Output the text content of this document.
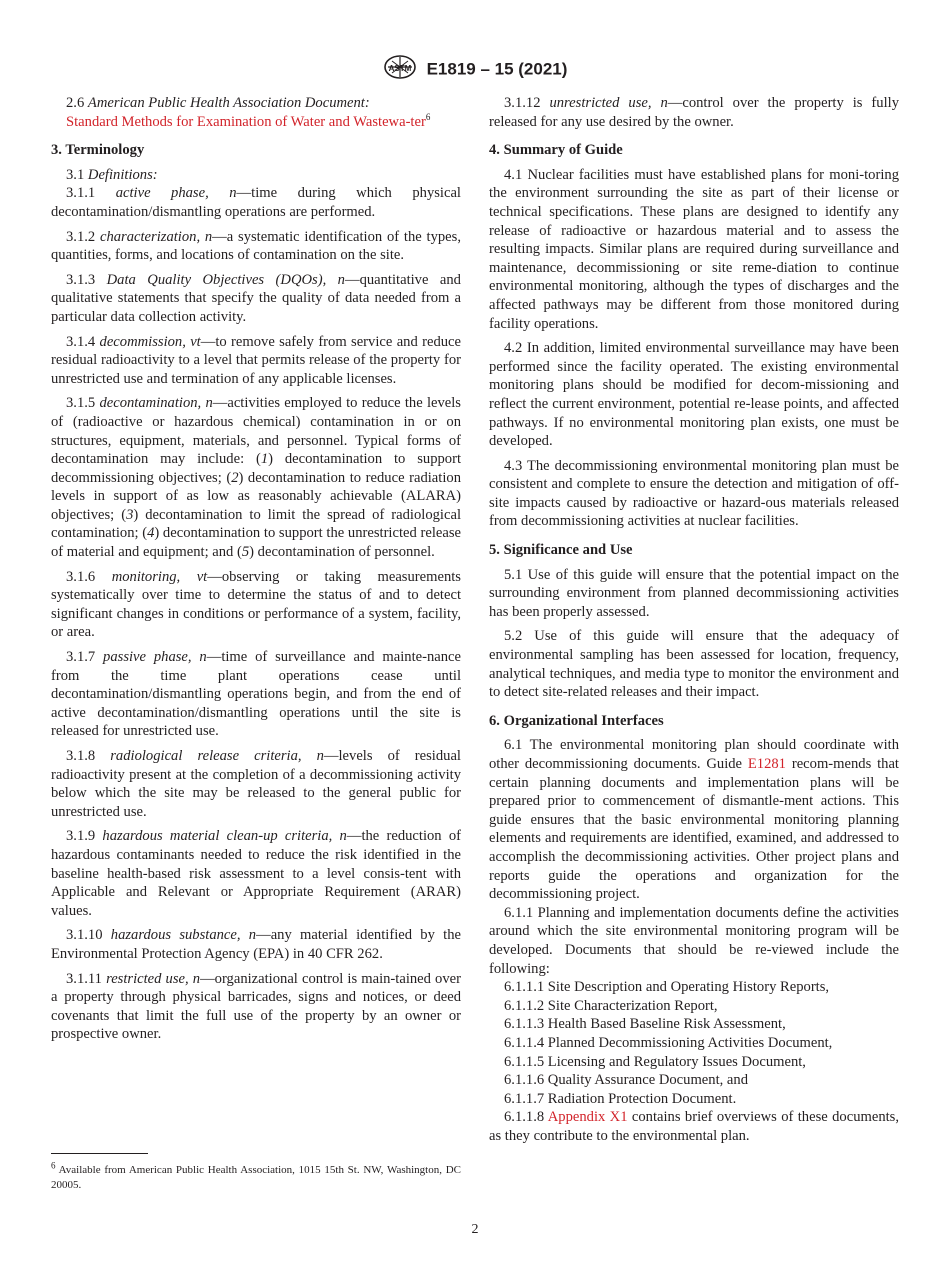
ASTM E1819 – 15 (2021)

2.6 American Public Health Association Document:

Standard Methods for Examination of Water and Wastewa-ter$^6$

3. Terminology

3.1 Definitions:

3.1.1 active phase, n—time during which physical decontamination/dismantling operations are performed.

3.1.2 characterization, n—a systematic identification of the types, quantities, forms, and locations of contamination on the site.

3.1.3 Data Quality Objectives (DQOs), n—quantitative and qualitative statements that specify the quality of data needed from a particular data collection activity.

3.1.4 decommission, vt—to remove safely from service and reduce residual radioactivity to a level that permits release of the property for unrestricted use and termination of any applicable licenses.

3.1.5 decontamination, n—activities employed to reduce the levels of (radioactive or hazardous chemical) contamination in or on structures, equipment, materials, and personnel. Typical forms of decontamination may include: (1) decontamination to support decommissioning objectives; (2) decontamination to reduce radiation levels in support of as low as reasonably achievable (ALARA) objectives; (3) decontamination to limit the spread of radiological contamination; (4) decontamination to support the unrestricted release of material and equipment; and (5) decontamination of personnel.

3.1.6 monitoring, vt—observing or taking measurements systematically over time to determine the status of and to detect significant changes in conditions or performance of a system, facility, or area.

3.1.7 passive phase, n—time of surveillance and mainte-nance from the time plant operations cease until decontamination/dismantling operations begin, and from the end of active decontamination/dismantling operations until the site is released for unrestricted use.

3.1.8 radiological release criteria, n—levels of residual radioactivity present at the completion of a decommissioning activity below which the site may be released to the general public for unrestricted use.

3.1.9 hazardous material clean-up criteria, n—the reduction of hazardous contaminants needed to reduce the risk identified in the baseline health-based risk assessment to a level consis-tent with Applicable and Relevant or Appropriate Requirement (ARAR) values.

3.1.10 hazardous substance, n—any material identified by the Environmental Protection Agency (EPA) in 40 CFR 262.

3.1.11 restricted use, n—organizational control is main-tained over a property through physical barricades, signs and notices, or deed covenants that limit the full use of the property by an owner or prospective owner.

3.1.12 unrestricted use, n—control over the property is fully released for any use desired by the owner.

4. Summary of Guide

4.1 Nuclear facilities must have established plans for moni-toring the environment surrounding the site as part of their license or technical specifications. These plans are designed to identify any release of radioactive or hazardous material and to assess the resulting impacts. Similar plans are required during surveillance and maintenance, decommissioning or site reme-diation to continue environmental monitoring, although the types of discharges and the affected pathways may be different from those monitored during facility operations.

4.2 In addition, limited environmental surveillance may have been performed since the facility operated. The existing environmental monitoring plans should be modified for decom-missioning and reflect the current environment, potential re-lease points, and affected pathways. If no environmental monitoring plan exists, one must be developed.

4.3 The decommissioning environmental monitoring plan must be consistent and complete to ensure the detection and mitigation of off-site impacts caused by radioactive or hazard-ous materials released from decommissioning activities at nuclear facilities.

5. Significance and Use

5.1 Use of this guide will ensure that the potential impact on the surrounding environment from planned decommissioning activities has been properly assessed.

5.2 Use of this guide will ensure that the adequacy of environmental sampling has been assessed for location, frequency, analytical techniques, and media type to monitor the environment and to detect site-related releases and their impact.

6. Organizational Interfaces

6.1 The environmental monitoring plan should coordinate with other decommissioning documents. Guide E1281 recom-mends that certain planning documents and implementation plans will be prepared prior to commencement of dismantle-ment actions. This guide ensures that the basic environmental monitoring planning elements and requirements are identified, examined, and addressed to accomplish the decommissioning activities. Other project plans and reports guide the operations and organization for the decommissioning project.

6.1.1 Planning and implementation documents define the activities around which the site environmental monitoring program will be developed. Documents that should be re-viewed include the following:

6.1.1.1 Site Description and Operating History Reports,

6.1.1.2 Site Characterization Report,

6.1.1.3 Health Based Baseline Risk Assessment,

6.1.1.4 Planned Decommissioning Activities Document,

6.1.1.5 Licensing and Regulatory Issues Document,

6.1.1.6 Quality Assurance Document, and

6.1.1.7 Radiation Protection Document.

6.1.1.8 Appendix X1 contains brief overviews of these documents, as they contribute to the environmental plan.

$^6$ Available from American Public Health Association, 1015 15th St. NW, Washington, DC 20005.
2
